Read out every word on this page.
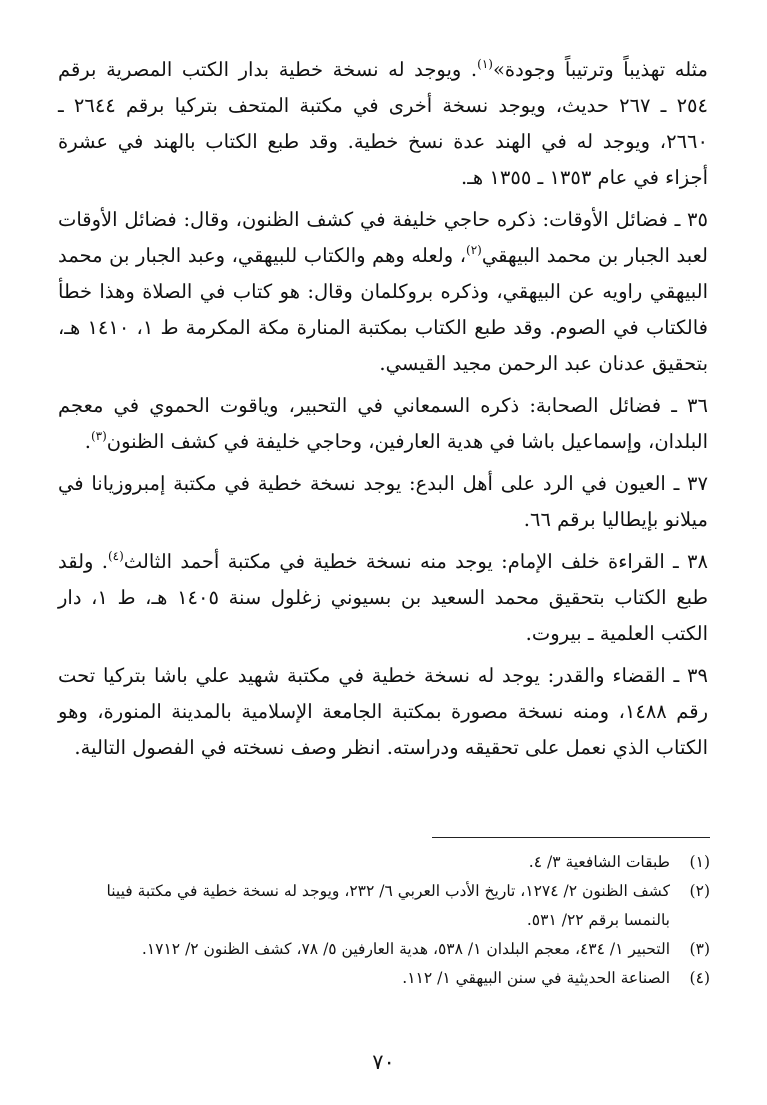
مثله تهذيباً وترتيباً وجودة»$^{(١)}$. ويوجد له نسخة خطية بدار الكتب المصرية برقم ٢٥٤ ـ ٢٦٧ حديث، ويوجد نسخة أخرى في مكتبة المتحف بتركيا برقم ٢٦٤٤ ـ ٢٦٦٠، ويوجد له في الهند عدة نسخ خطية. وقد طبع الكتاب بالهند في عشرة أجزاء في عام ١٣٥٣ ـ ١٣٥٥ هـ.

٣٥ ـ فضائل الأوقات: ذكره حاجي خليفة في كشف الظنون، وقال: فضائل الأوقات لعبد الجبار بن محمد البيهقي$^{(٢)}$، ولعله وهم والكتاب للبيهقي، وعبد الجبار بن محمد البيهقي راويه عن البيهقي، وذكره بروكلمان وقال: هو كتاب في الصلاة وهذا خطأ فالكتاب في الصوم. وقد طبع الكتاب بمكتبة المنارة مكة المكرمة ط ١، ١٤١٠ هـ، بتحقيق عدنان عبد الرحمن مجيد القيسي.

٣٦ ـ فضائل الصحابة: ذكره السمعاني في التحبير، وياقوت الحموي في معجم البلدان، وإسماعيل باشا في هدية العارفين، وحاجي خليفة في كشف الظنون$^{(٣)}$.

٣٧ ـ العيون في الرد على أهل البدع: يوجد نسخة خطية في مكتبة إمبروزيانا في ميلانو بإيطاليا برقم ٦٦.

٣٨ ـ القراءة خلف الإمام: يوجد منه نسخة خطية في مكتبة أحمد الثالث$^{(٤)}$. ولقد طبع الكتاب بتحقيق محمد السعيد بن بسيوني زغلول سنة ١٤٠٥ هـ، ط ١، دار الكتب العلمية ـ بيروت.

٣٩ ـ القضاء والقدر: يوجد له نسخة خطية في مكتبة شهيد علي باشا بتركيا تحت رقم ١٤٨٨، ومنه نسخة مصورة بمكتبة الجامعة الإسلامية بالمدينة المنورة، وهو الكتاب الذي نعمل على تحقيقه ودراسته. انظر وصف نسخته في الفصول التالية.

(١)
طبقات الشافعية ٣/ ٤.

(٢)
كشف الظنون ٢/ ١٢٧٤، تاريخ الأدب العربي ٦/ ٢٣٢، ويوجد له نسخة خطية في مكتبة فيينا بالنمسا برقم ٢٢/ ٥٣١.

(٣)
التحبير ١/ ٤٣٤، معجم البلدان ١/ ٥٣٨، هدية العارفين ٥/ ٧٨، كشف الظنون ٢/ ١٧١٢.

(٤)
الصناعة الحديثية في سنن البيهقي ١/ ١١٢.

٧٠
